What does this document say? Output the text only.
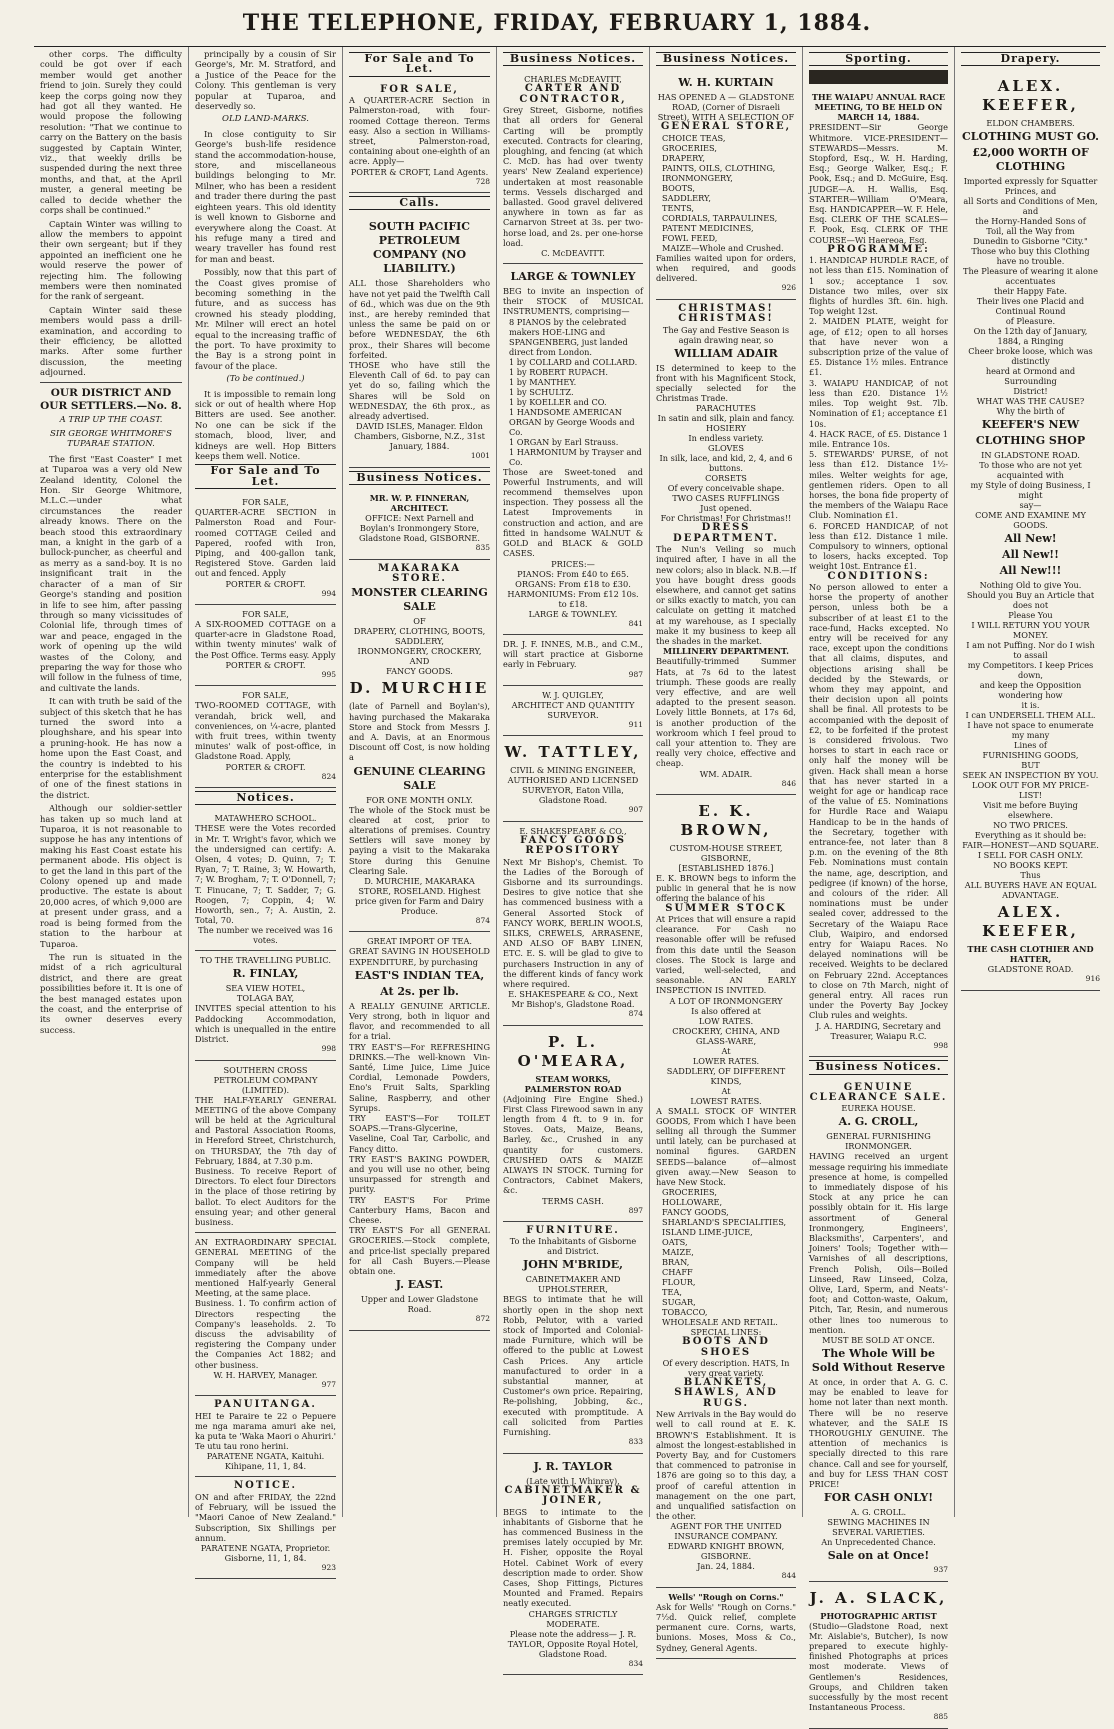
THE TELEPHONE, FRIDAY, FEBRUARY 1, 1884.

other corps. The difficulty could be got over if each member would get another friend to join. Surely they could keep the corps going now they had got all they wanted. He would propose the following resolution: "That we continue to carry on the Battery on the basis suggested by Captain Winter, viz., that weekly drills be suspended during the next three months, and that, at the April muster, a general meeting be called to decide whether the corps shall be continued."

Captain Winter was willing to allow the members to appoint their own sergeant; but if they appointed an inefficient one he would reserve the power of rejecting him. The following members were then nominated for the rank of sergeant.

Captain Winter said these members would pass a drill-examination, and according to their efficiency, be allotted marks. After some further discussion, the meeting adjourned.

OUR DISTRICT AND OUR SETTLERS.—No. 8.
A TRIP UP THE COAST.
SIR GEORGE WHITMORE'S TUPARAE STATION.

The first "East Coaster" I met at Tuparoa was a very old New Zealand identity, Colonel the Hon. Sir George Whitmore, M.L.C.—under what circumstances the reader already knows. There on the beach stood this extraordinary man, a knight in the garb of a bullock-puncher, as cheerful and as merry as a sand-boy. It is no insignificant trait in the character of a man of Sir George's standing and position in life to see him, after passing through so many vicissitudes of Colonial life, through times of war and peace, engaged in the work of opening up the wild wastes of the Colony, and preparing the way for those who will follow in the fulness of time, and cultivate the lands.

It can with truth be said of the subject of this sketch that he has turned the sword into a ploughshare, and his spear into a pruning-hook. He has now a home upon the East Coast, and the country is indebted to his enterprise for the establishment of one of the finest stations in the district.

Although our soldier-settler has taken up so much land at Tuparoa, it is not reasonable to suppose he has any intentions of making his East Coast estate his permanent abode. His object is to get the land in this part of the Colony opened up and made productive. The estate is about 20,000 acres, of which 9,000 are at present under grass, and a road is being formed from the station to the harbour at Tuparoa.

The run is situated in the midst of a rich agricultural district, and there are great possibilities before it. It is one of the best managed estates upon the coast, and the enterprise of its owner deserves every success.

principally by a cousin of Sir George's, Mr. M. Stratford, and a Justice of the Peace for the Colony. This gentleman is very popular at Tuparoa, and deservedly so.

OLD LAND-MARKS.

In close contiguity to Sir George's bush-life residence stand the accommodation-house, store, and miscellaneous buildings belonging to Mr. Milner, who has been a resident and trader there during the past eighteen years. This old identity is well known to Gisborne and everywhere along the Coast. At his refuge many a tired and weary traveller has found rest for man and beast.

Possibly, now that this part of the Coast gives promise of becoming something in the future, and as success has crowned his steady plodding, Mr. Milner will erect an hotel equal to the increasing traffic of the port. To have proximity to the Bay is a strong point in favour of the place.

(To be continued.)

It is impossible to remain long sick or out of health where Hop Bitters are used. See another. No one can be sick if the stomach, blood, liver, and kidneys are well. Hop Bitters keeps them well. Notice.

For Sale and To Let.
FOR SALE,
QUARTER-ACRE SECTION in Palmerston Road and Four-roomed COTTAGE Ceiled and Papered, roofed with Iron, Piping, and 400-gallon tank, Registered Stove. Garden laid out and fenced. Apply
PORTER & CROFT.
994
FOR SALE,
A SIX-ROOMED COTTAGE on a quarter-acre in Gladstone Road, within twenty minutes' walk of the Post Office. Terms easy. Apply
PORTER & CROFT.
995
FOR SALE,
TWO-ROOMED COTTAGE, with verandah, brick well, and conveniences, on ¼-acre, planted with fruit trees, within twenty minutes' walk of post-office, in Gladstone Road. Apply,
PORTER & CROFT.
824
Notices.
MATAWHERO SCHOOL.
THESE were the Votes recorded in Mr. T. Wright's favor, which we the undersigned can certify: A. Olsen, 4 votes; D. Quinn, 7; T. Ryan, 7; T. Raine, 3; W. Howarth, 7; W. Brogham, 7; T. O'Donnell, 7; T. Finucane, 7; T. Sadder, 7; G. Roogen, 7; Coppin, 4; W. Howorth, sen., 7; A. Austin, 2. Total, 70.
The number we received was 16 votes.
TO THE TRAVELLING PUBLIC.
R. FINLAY,
SEA VIEW HOTEL,
TOLAGA BAY,
INVITES special attention to his Paddocking Accommodation, which is unequalled in the entire District.
998
SOUTHERN CROSS PETROLEUM COMPANY (LIMITED).
THE HALF-YEARLY GENERAL MEETING of the above Company will be held at the Agricultural and Pastoral Association Rooms, in Hereford Street, Christchurch, on THURSDAY, the 7th day of February, 1884, at 7.30 p.m.
Business. To receive Report of Directors. To elect four Directors in the place of those retiring by ballot. To elect Auditors for the ensuing year; and other general business.
AN EXTRAORDINARY SPECIAL GENERAL MEETING of the Company will be held immediately after the above mentioned Half-yearly General Meeting, at the same place.
Business. 1. To confirm action of Directors respecting the Company's leaseholds. 2. To discuss the advisability of registering the Company under the Companies Act 1882; and other business.
W. H. HARVEY, Manager.
977
PANUITANGA.
HEI te Paraire te 22 o Pepuere me nga marama amuri ake nei, ka puta te 'Waka Maori o Ahuriri.' Te utu tau rono herini.
PARATENE NGATA, Kaituhi. Kihipane, 11, 1, 84.
NOTICE.
ON and after FRIDAY, the 22nd of February, will be issued the "Maori Canoe of New Zealand." Subscription, Six Shillings per annum.
PARATENE NGATA, Proprietor. Gisborne, 11, 1, 84.
923
For Sale and To Let.
FOR SALE,
A QUARTER-ACRE Section in Palmerston-road, with four-roomed Cottage thereon. Terms easy. Also a section in Williams-street, Palmerston-road, containing about one-eighth of an acre. Apply—
PORTER & CROFT, Land Agents.
728
Calls.
SOUTH PACIFIC PETROLEUM COMPANY (NO LIABILITY.)
ALL those Shareholders who have not yet paid the Twelfth Call of 6d., which was due on the 9th inst., are hereby reminded that unless the same be paid on or before WEDNESDAY, the 6th prox., their Shares will become forfeited.
THOSE who have still the Eleventh Call of 6d. to pay can yet do so, failing which the Shares will be Sold on WEDNESDAY, the 6th prox., as already advertised.
DAVID ISLES, Manager. Eldon Chambers, Gisborne, N.Z., 31st January, 1884.
1001
Business Notices.
MR. W. P. FINNERAN, ARCHITECT.
OFFICE: Next Parnell and Boylan's Ironmongery Store, Gladstone Road, GISBORNE.
835
MAKARAKA STORE.
MONSTER CLEARING SALE
OF
DRAPERY, CLOTHING, BOOTS,
SADDLERY,
IRONMONGERY, CROCKERY,
AND
FANCY GOODS.
D. MURCHIE
(late of Parnell and Boylan's), having purchased the Makaraka Store and Stock from Messrs J. and A. Davis, at an Enormous Discount off Cost, is now holding a
GENUINE CLEARING SALE
FOR ONE MONTH ONLY.
The whole of the Stock must be cleared at cost, prior to alterations of premises. Country Settlers will save money by paying a visit to the Makaraka Store during this Genuine Clearing Sale.
D. MURCHIE, MAKARAKA STORE, ROSELAND. Highest price given for Farm and Dairy Produce.
874
GREAT IMPORT OF TEA.
GREAT SAVING IN HOUSEHOLD EXPENDITURE, by purchasing
EAST'S INDIAN TEA,
At 2s. per lb.
A REALLY GENUINE ARTICLE. Very strong, both in liquor and flavor, and recommended to all for a trial.
TRY EAST'S—For REFRESHING DRINKS.—The well-known Vin-Santé, Lime Juice, Lime Juice Cordial, Lemonade Powders, Eno's Fruit Salts, Sparkling Saline, Raspberry, and other Syrups.
TRY EAST'S—For TOILET SOAPS.—Trans-Glycerine, Vaseline, Coal Tar, Carbolic, and Fancy ditto.
TRY EAST'S BAKING POWDER, and you will use no other, being unsurpassed for strength and purity.
TRY EAST'S For Prime Canterbury Hams, Bacon and Cheese.
TRY EAST'S For all GENERAL GROCERIES.—Stock complete, and price-list specially prepared for all Cash Buyers.—Please obtain one.
J. EAST.
Upper and Lower Gladstone Road.
872
Business Notices.
CHARLES McDEAVITT,
CARTER AND CONTRACTOR,
Grey Street, Gisborne, notifies that all orders for General Carting will be promptly executed. Contracts for clearing, ploughing, and fencing (at which C. McD. has had over twenty years' New Zealand experience) undertaken at most reasonable terms. Vessels discharged and ballasted. Good gravel delivered anywhere in town as far as Carnarvon Street at 3s. per two-horse load, and 2s. per one-horse load.
C. McDEAVITT.
LARGE & TOWNLEY
BEG to invite an inspection of their STOCK of MUSICAL INSTRUMENTS, comprising—
8 PIANOS by the celebrated makers HOE-LING and SPANGENBERG, just landed direct from London.
1 by COLLARD and COLLARD.
1 by ROBERT RUPACH.
1 by MANTHEY.
1 by SCHULTZ.
1 by KOELLER and CO.
1 HANDSOME AMERICAN ORGAN by George Woods and Co.
1 ORGAN by Earl Strauss.
1 HARMONIUM by Trayser and Co.
Those are Sweet-toned and Powerful Instruments, and will recommend themselves upon inspection. They possess all the Latest Improvements in construction and action, and are fitted in handsome WALNUT & GOLD and BLACK & GOLD CASES.
PRICES:—
PIANOS: From £40 to £65.
ORGANS: From £18 to £30.
HARMONIUMS: From £12 10s. to £18.
LARGE & TOWNLEY.
841
DR. J. F. INNES, M.B., and C.M., will start practice at Gisborne early in February.
987
W. J. QUIGLEY,
ARCHITECT AND QUANTITY SURVEYOR.
911
W. TATTLEY,
CIVIL & MINING ENGINEER, AUTHORISED AND LICENSED SURVEYOR, Eaton Villa, Gladstone Road.
907
E. SHAKESPEARE & CO.,
FANCY GOODS REPOSITORY
Next Mr Bishop's, Chemist. To the Ladies of the Borough of Gisborne and its surroundings. Desires to give notice that she has commenced business with a General Assorted Stock of FANCY WORK, BERLIN WOOLS, SILKS, CREWELS, ARRASENE, AND ALSO OF BABY LINEN, ETC. E. S. will be glad to give to purchasers Instruction in any of the different kinds of fancy work where required.
E. SHAKESPEARE & CO., Next Mr Bishop's, Gladstone Road.
874
P. L. O'MEARA,
STEAM WORKS, PALMERSTON ROAD
(Adjoining Fire Engine Shed.) First Class Firewood sawn in any length from 4 ft. to 9 in. for Stoves. Oats, Maize, Beans, Barley, &c., Crushed in any quantity for customers. CRUSHED OATS & MAIZE ALWAYS IN STOCK. Turning for Contractors, Cabinet Makers, &c.
TERMS CASH.
897
FURNITURE.
To the Inhabitants of Gisborne and District.
JOHN M'BRIDE,
CABINETMAKER AND UPHOLSTERER,
BEGS to intimate that he will shortly open in the shop next Robb, Pelutor, with a varied stock of Imported and Colonial-made Furniture, which will be offered to the public at Lowest Cash Prices. Any article manufactured to order in a substantial manner, at Customer's own price. Repairing, Re-polishing, Jobbing, &c., executed with promptitude. A call solicited from Parties Furnishing.
833
J. R. TAYLOR
(Late with J. Whinray),
CABINETMAKER & JOINER,
BEGS to intimate to the inhabitants of Gisborne that he has commenced Business in the premises lately occupied by Mr. H. Fisher, opposite the Royal Hotel. Cabinet Work of every description made to order. Show Cases, Shop Fittings, Pictures Mounted and Framed. Repairs neatly executed.
CHARGES STRICTLY MODERATE.
Please note the address— J. R. TAYLOR, Opposite Royal Hotel, Gladstone Road.
834
Business Notices.
W. H. KURTAIN
HAS OPENED A — GLADSTONE ROAD, (Corner of Disraeli Street), WITH A SELECTION OF
GENERAL STORE,
CHOICE TEAS,
GROCERIES,
DRAPERY,
PAINTS, OILS, CLOTHING,
IRONMONGERY,
BOOTS,
SADDLERY,
TENTS,
CORDIALS, TARPAULINES,
PATENT MEDICINES,
FOWL FEED,
MAIZE—Whole and Crushed.
Families waited upon for orders, when required, and goods delivered.
926
CHRISTMAS! CHRISTMAS!
The Gay and Festive Season is again drawing near, so
WILLIAM ADAIR
IS determined to keep to the front with his Magnificent Stock, specially selected for the Christmas Trade.
PARACHUTES
In satin and silk, plain and fancy.
HOSIERY
In endless variety.
GLOVES
In silk, lace, and kid, 2, 4, and 6 buttons.
CORSETS
Of every conceivable shape.
TWO CASES RUFFLINGS
Just opened.
For Christmas! For Christmas!!
DRESS DEPARTMENT.
The Nun's Veiling so much inquired after, I have in all the new colors; also in black. N.B.—If you have bought dress goods elsewhere, and cannot get satins or silks exactly to match, you can calculate on getting it matched at my warehouse, as I specially make it my business to keep all the shades in the market.
MILLINERY DEPARTMENT.
Beautifully-trimmed Summer Hats, at 7s 6d to the latest triumph. These goods are really very effective, and are well adapted to the present season. Lovely little Bonnets, at 17s 6d, is another production of the workroom which I feel proud to call your attention to. They are really very choice, effective and cheap.
WM. ADAIR.
846
E. K. BROWN,
CUSTOM-HOUSE STREET, GISBORNE,
[ESTABLISHED 1876.]
E. K. BROWN begs to inform the public in general that he is now offering the balance of his
SUMMER STOCK
At Prices that will ensure a rapid clearance. For Cash no reasonable offer will be refused from this date until the Season closes. The Stock is large and varied, well-selected, and seasonable. AN EARLY INSPECTION IS INVITED.
A LOT OF IRONMONGERY
Is also offered at
LOW RATES.
CROCKERY, CHINA, AND GLASS-WARE,
At
LOWER RATES.
SADDLERY, OF DIFFERENT KINDS,
At
LOWEST RATES.
A SMALL STOCK OF WINTER GOODS, From which I have been selling all through the Summer until lately, can be purchased at nominal figures. GARDEN SEEDS—balance of—almost given away.—New Season to have New Stock.
GROCERIES,
HOLLOWARE,
FANCY GOODS,
SHARLAND'S SPECIALITIES,
ISLAND LIME-JUICE,
OATS,
MAIZE,
BRAN,
CHAFF
FLOUR,
TEA,
SUGAR,
TOBACCO,
WHOLESALE AND RETAIL.
SPECIAL LINES:
BOOTS AND SHOES
Of every description. HATS, In very great variety.
BLANKETS, SHAWLS, AND RUGS.
New Arrivals in the Bay would do well to call round at E. K. BROWN'S Establishment. It is almost the longest-established in Poverty Bay, and for Customers that commenced to patronise in 1876 are going so to this day, a proof of careful attention in management on the one part, and unqualified satisfaction on the other.
AGENT FOR THE UNITED INSURANCE COMPANY.
EDWARD KNIGHT BROWN, GISBORNE.
Jan. 24, 1884.
844
Wells' "Rough on Corns."
Ask for Wells' "Rough on Corns." 7½d. Quick relief, complete permanent cure. Corns, warts, bunions. Moses, Moss & Co., Sydney, General Agents.
Sporting.
THE WAIAPU ANNUAL RACE MEETING, TO BE HELD ON MARCH 14, 1884.
PRESIDENT—Sir George Whitmore. VICE-PRESIDENT— STEWARDS—Messrs. M. Stopford, Esq., W. H. Harding, Esq.; George Walker, Esq.; F. Pook, Esq.; and D. McGuire, Esq. JUDGE—A. H. Wallis, Esq. STARTER—William O'Meara, Esq. HANDICAPPER—W. F. Hele, Esq. CLERK OF THE SCALES—F. Pook, Esq. CLERK OF THE COURSE—Wi Haereoa, Esq.
PROGRAMME:
1. HANDICAP HURDLE RACE, of not less than £15. Nomination of 1 sov.; acceptance 1 sov. Distance two miles, over six flights of hurdles 3ft. 6in. high. Top weight 12st.
2. MAIDEN PLATE, weight for age, of £12; open to all horses that have never won a subscription prize of the value of £5. Distance 1½ miles. Entrance £1.
3. WAIAPU HANDICAP, of not less than £20. Distance 1½ miles. Top weight 9st. 7lb. Nomination of £1; acceptance £1 10s.
4. HACK RACE, of £5. Distance 1 mile. Entrance 10s.
5. STEWARDS' PURSE, of not less than £12. Distance 1½-miles. Welter weights for age, gentlemen riders. Open to all horses, the bona fide property of the members of the Waiapu Race Club. Nomination £1.
6. FORCED HANDICAP, of not less than £12. Distance 1 mile. Compulsory to winners, optional to losers, hacks excepted. Top weight 10st. Entrance £1.
CONDITIONS:
No person allowed to enter a horse the property of another person, unless both be a subscriber of at least £1 to the race-fund, Hacks excepted. No entry will be received for any race, except upon the conditions that all claims, disputes, and objections arising shall be decided by the Stewards, or whom they may appoint, and their decision upon all points shall be final. All protests to be accompanied with the deposit of £2, to be forfeited if the protest is considered frivolous. Two horses to start in each race or only half the money will be given. Hack shall mean a horse that has never started in a weight for age or handicap race of the value of £5. Nominations for Hurdle Race and Waiapu Handicap to be in the hands of the Secretary, together with entrance-fee, not later than 8 p.m. on the evening of the 8th Feb. Nominations must contain the name, age, description, and pedigree (if known) of the horse, and colours of the rider. All nominations must be under sealed cover, addressed to the Secretary of the Waiapu Race Club, Waipiro, and endorsed entry for Waiapu Races. No delayed nominations will be received. Weights to be declared on February 22nd. Acceptances to close on 7th March, night of general entry. All races run under the Poverty Bay Jockey Club rules and weights.
J. A. HARDING, Secretary and Treasurer, Waiapu R.C.
998
Business Notices.
GENUINE CLEARANCE SALE.
EUREKA HOUSE.
A. G. CROLL,
GENERAL FURNISHING IRONMONGER.
HAVING received an urgent message requiring his immediate presence at home, is compelled to immediately dispose of his Stock at any price he can possibly obtain for it. His large assortment of General Ironmongery, Engineers', Blacksmiths', Carpenters', and Joiners' Tools; Together with—Varnishes of all descriptions, French Polish, Oils—Boiled Linseed, Raw Linseed, Colza, Olive, Lard, Sperm, and Neats'-foot; and Cotton-waste, Oakum, Pitch, Tar, Resin, and numerous other lines too numerous to mention.
MUST BE SOLD AT ONCE.
The Whole Will be Sold Without Reserve
At once, in order that A. G. C. may be enabled to leave for home not later than next month. There will be no reserve whatever, and the SALE IS THOROUGHLY GENUINE. The attention of mechanics is specially directed to this rare chance. Call and see for yourself, and buy for LESS THAN COST PRICE!
FOR CASH ONLY!
A. G. CROLL.
SEWING MACHINES IN SEVERAL VARIETIES.
An Unprecedented Chance.
Sale on at Once!
937
J. A. SLACK,
PHOTOGRAPHIC ARTIST
(Studio—Gladstone Road, next Mr. Aislabie's, Butcher), Is now prepared to execute highly-finished Photographs at prices most moderate. Views of Gentlemen's Residences, Groups, and Children taken successfully by the most recent Instantaneous Process.
885
Drapery.
ALEX. KEEFER,
ELDON CHAMBERS.
CLOTHING MUST GO.
£2,000 WORTH OF CLOTHING
Imported expressly for Squatter Princes, and
all Sorts and Conditions of Men, and
the Horny-Handed Sons of
Toil, all the Way from
Dunedin to Gisborne "City."
Those who buy this Clothing have no trouble.
The Pleasure of wearing it alone accentuates
their Happy Fate.
Their lives one Placid and Continual Round
of Pleasure.
On the 12th day of January, 1884, a Ringing
Cheer broke loose, which was distinctly
heard at Ormond and Surrounding
District!
WHAT WAS THE CAUSE?
Why the birth of
KEEFER'S NEW
CLOTHING SHOP
IN GLADSTONE ROAD.
To those who are not yet acquainted with
my Style of doing Business, I might
say—
COME AND EXAMINE MY GOODS.
All New!
All New!!
All New!!!
Nothing Old to give You.
Should you Buy an Article that does not
Please You
I WILL RETURN YOU YOUR MONEY.
I am not Puffing. Nor do I wish to assail
my Competitors. I keep Prices down,
and keep the Opposition wondering how
it is.
I can UNDERSELL THEM ALL.
I have not space to enumerate my many
Lines of
FURNISHING GOODS,
BUT
SEEK AN INSPECTION BY YOU.
LOOK OUT FOR MY PRICE-LIST!
Visit me before Buying elsewhere.
NO TWO PRICES.
Everything as it should be:
FAIR—HONEST—AND SQUARE.
I SELL FOR CASH ONLY.
NO BOOKS KEPT.
Thus
ALL BUYERS HAVE AN EQUAL ADVANTAGE.
ALEX. KEEFER,
THE CASH CLOTHIER AND HATTER,
GLADSTONE ROAD.
916
